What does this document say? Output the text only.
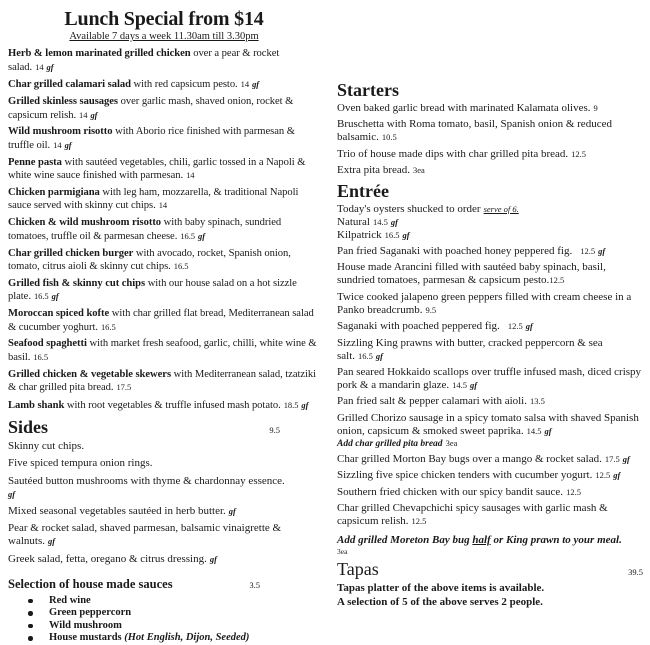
Lunch Special from $14
Available 7 days a week 11.30am till 3.30pm
Herb & lemon marinated grilled chicken over a pear & rocket salad. 14 gf
Char grilled calamari salad with red capsicum pesto. 14 gf
Grilled skinless sausages over garlic mash, shaved onion, rocket & capsicum relish. 14 gf
Wild mushroom risotto with Aborio rice finished with parmesan & truffle oil. 14 gf
Penne pasta with sautéed vegetables, chili, garlic tossed in a Napoli & white wine sauce finished with parmesan. 14
Chicken parmigiana with leg ham, mozzarella, & traditional Napoli sauce served with skinny cut chips. 14
Chicken & wild mushroom risotto with baby spinach, sundried tomatoes, truffle oil & parmesan cheese. 16.5 gf
Char grilled chicken burger with avocado, rocket, Spanish onion, tomato, citrus aioli & skinny cut chips. 16.5
Grilled fish & skinny cut chips with our house salad on a hot sizzle plate. 16.5 gf
Moroccan spiced kofte with char grilled flat bread, Mediterranean salad & cucumber yoghurt. 16.5
Seafood spaghetti with market fresh seafood, garlic, chilli, white wine & basil. 16.5
Grilled chicken & vegetable skewers with Mediterranean salad, tzatziki & char grilled pita bread. 17.5
Lamb shank with root vegetables & truffle infused mash potato. 18.5 gf
Sides	9.5
Skinny cut chips.
Five spiced tempura onion rings.
Sautéed button mushrooms with thyme & chardonnay essence.
gf
Mixed seasonal vegetables sautéed in herb butter. gf
Pear & rocket salad, shaved parmesan, balsamic vinaigrette & walnuts. gf
Greek salad, fetta, oregano & citrus dressing. gf
Selection of house made sauces	3.5
Red wine
Green peppercorn
Wild mushroom
House mustards (Hot English, Dijon, Seeded)
Starters
Oven baked garlic bread with marinated Kalamata olives. 9
Bruschetta with Roma tomato, basil, Spanish onion & reduced balsamic. 10.5
Trio of house made dips with char grilled pita bread. 12.5
Extra pita bread. 3ea
Entrée
Today's oysters shucked to order serve of 6.
Natural 14.5 gf
Kilpatrick 16.5 gf
Pan fried Saganaki with poached honey peppered fig. 12.5 gf
House made Arancini filled with sautéed baby spinach, basil, sundried tomatoes, parmesan & capsicum pesto.12.5
Twice cooked jalapeno green peppers filled with cream cheese in a Panko breadcrumb. 9.5
Saganaki with poached peppered fig. 12.5 gf
Sizzling King prawns with butter, cracked peppercorn & sea salt. 16.5 gf
Pan seared Hokkaido scallops over truffle infused mash, diced crispy pork & a mandarin glaze. 14.5 gf
Pan fried salt & pepper calamari with aioli. 13.5
Grilled Chorizo sausage in a spicy tomato salsa with shaved Spanish onion, capsicum & smoked sweet paprika. 14.5 gf
Add char grilled pita bread 3ea
Char grilled Morton Bay bugs over a mango & rocket salad. 17.5 gf
Sizzling five spice chicken tenders with cucumber yogurt. 12.5 gf
Southern fried chicken with our spicy bandit sauce. 12.5
Char grilled Chevapchichi spicy sausages with garlic mash & capsicum relish. 12.5
Add grilled Moreton Bay bug half or King prawn to your meal.
3ea
Tapas	39.5
Tapas platter of the above items is available.
A selection of 5 of the above serves 2 people.
